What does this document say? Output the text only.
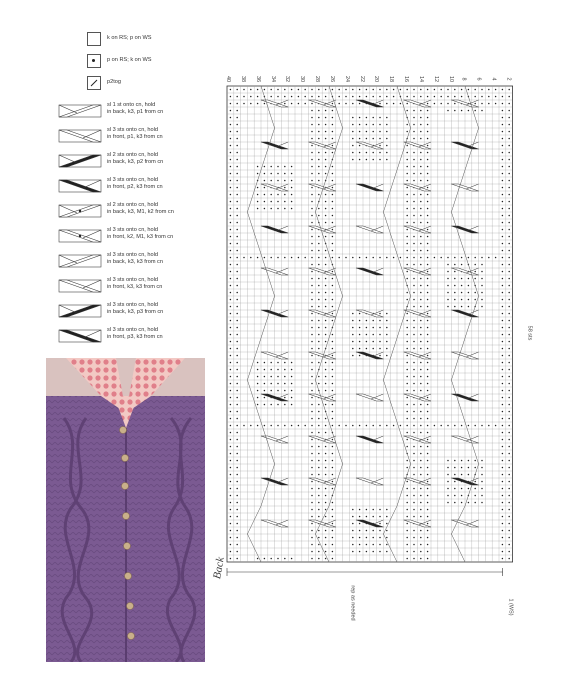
k on RS; p on WS
p on RS; k on WS
p2tog
sl 1 st onto cn, hold
in back, k3, p1 from cn
sl 3 sts onto cn, hold
in front, p1, k3 from cn
sl 2 sts onto cn, hold
in back, k3, p2 from cn
sl 3 sts onto cn, hold
in front, p2, k3 from cn
sl 2 sts onto cn, hold
in back, k3, M1, k2 from cn
sl 3 sts onto cn, hold
in front, k2, M1, k3 from cn
sl 3 sts onto cn, hold
in back, k3, k3 from cn
sl 3 sts onto cn, hold
in front, k3, k3 from cn
sl 3 sts onto cn, hold
in back, k3, p3 from cn
sl 3 sts onto cn, hold
in front, p3, k3 from cn
40 38 36 34 32 30 28 26 24 22 20 18 16 14 12 10 8 6 4 2
Back
rep as needed
58 sts
1 (WS)
